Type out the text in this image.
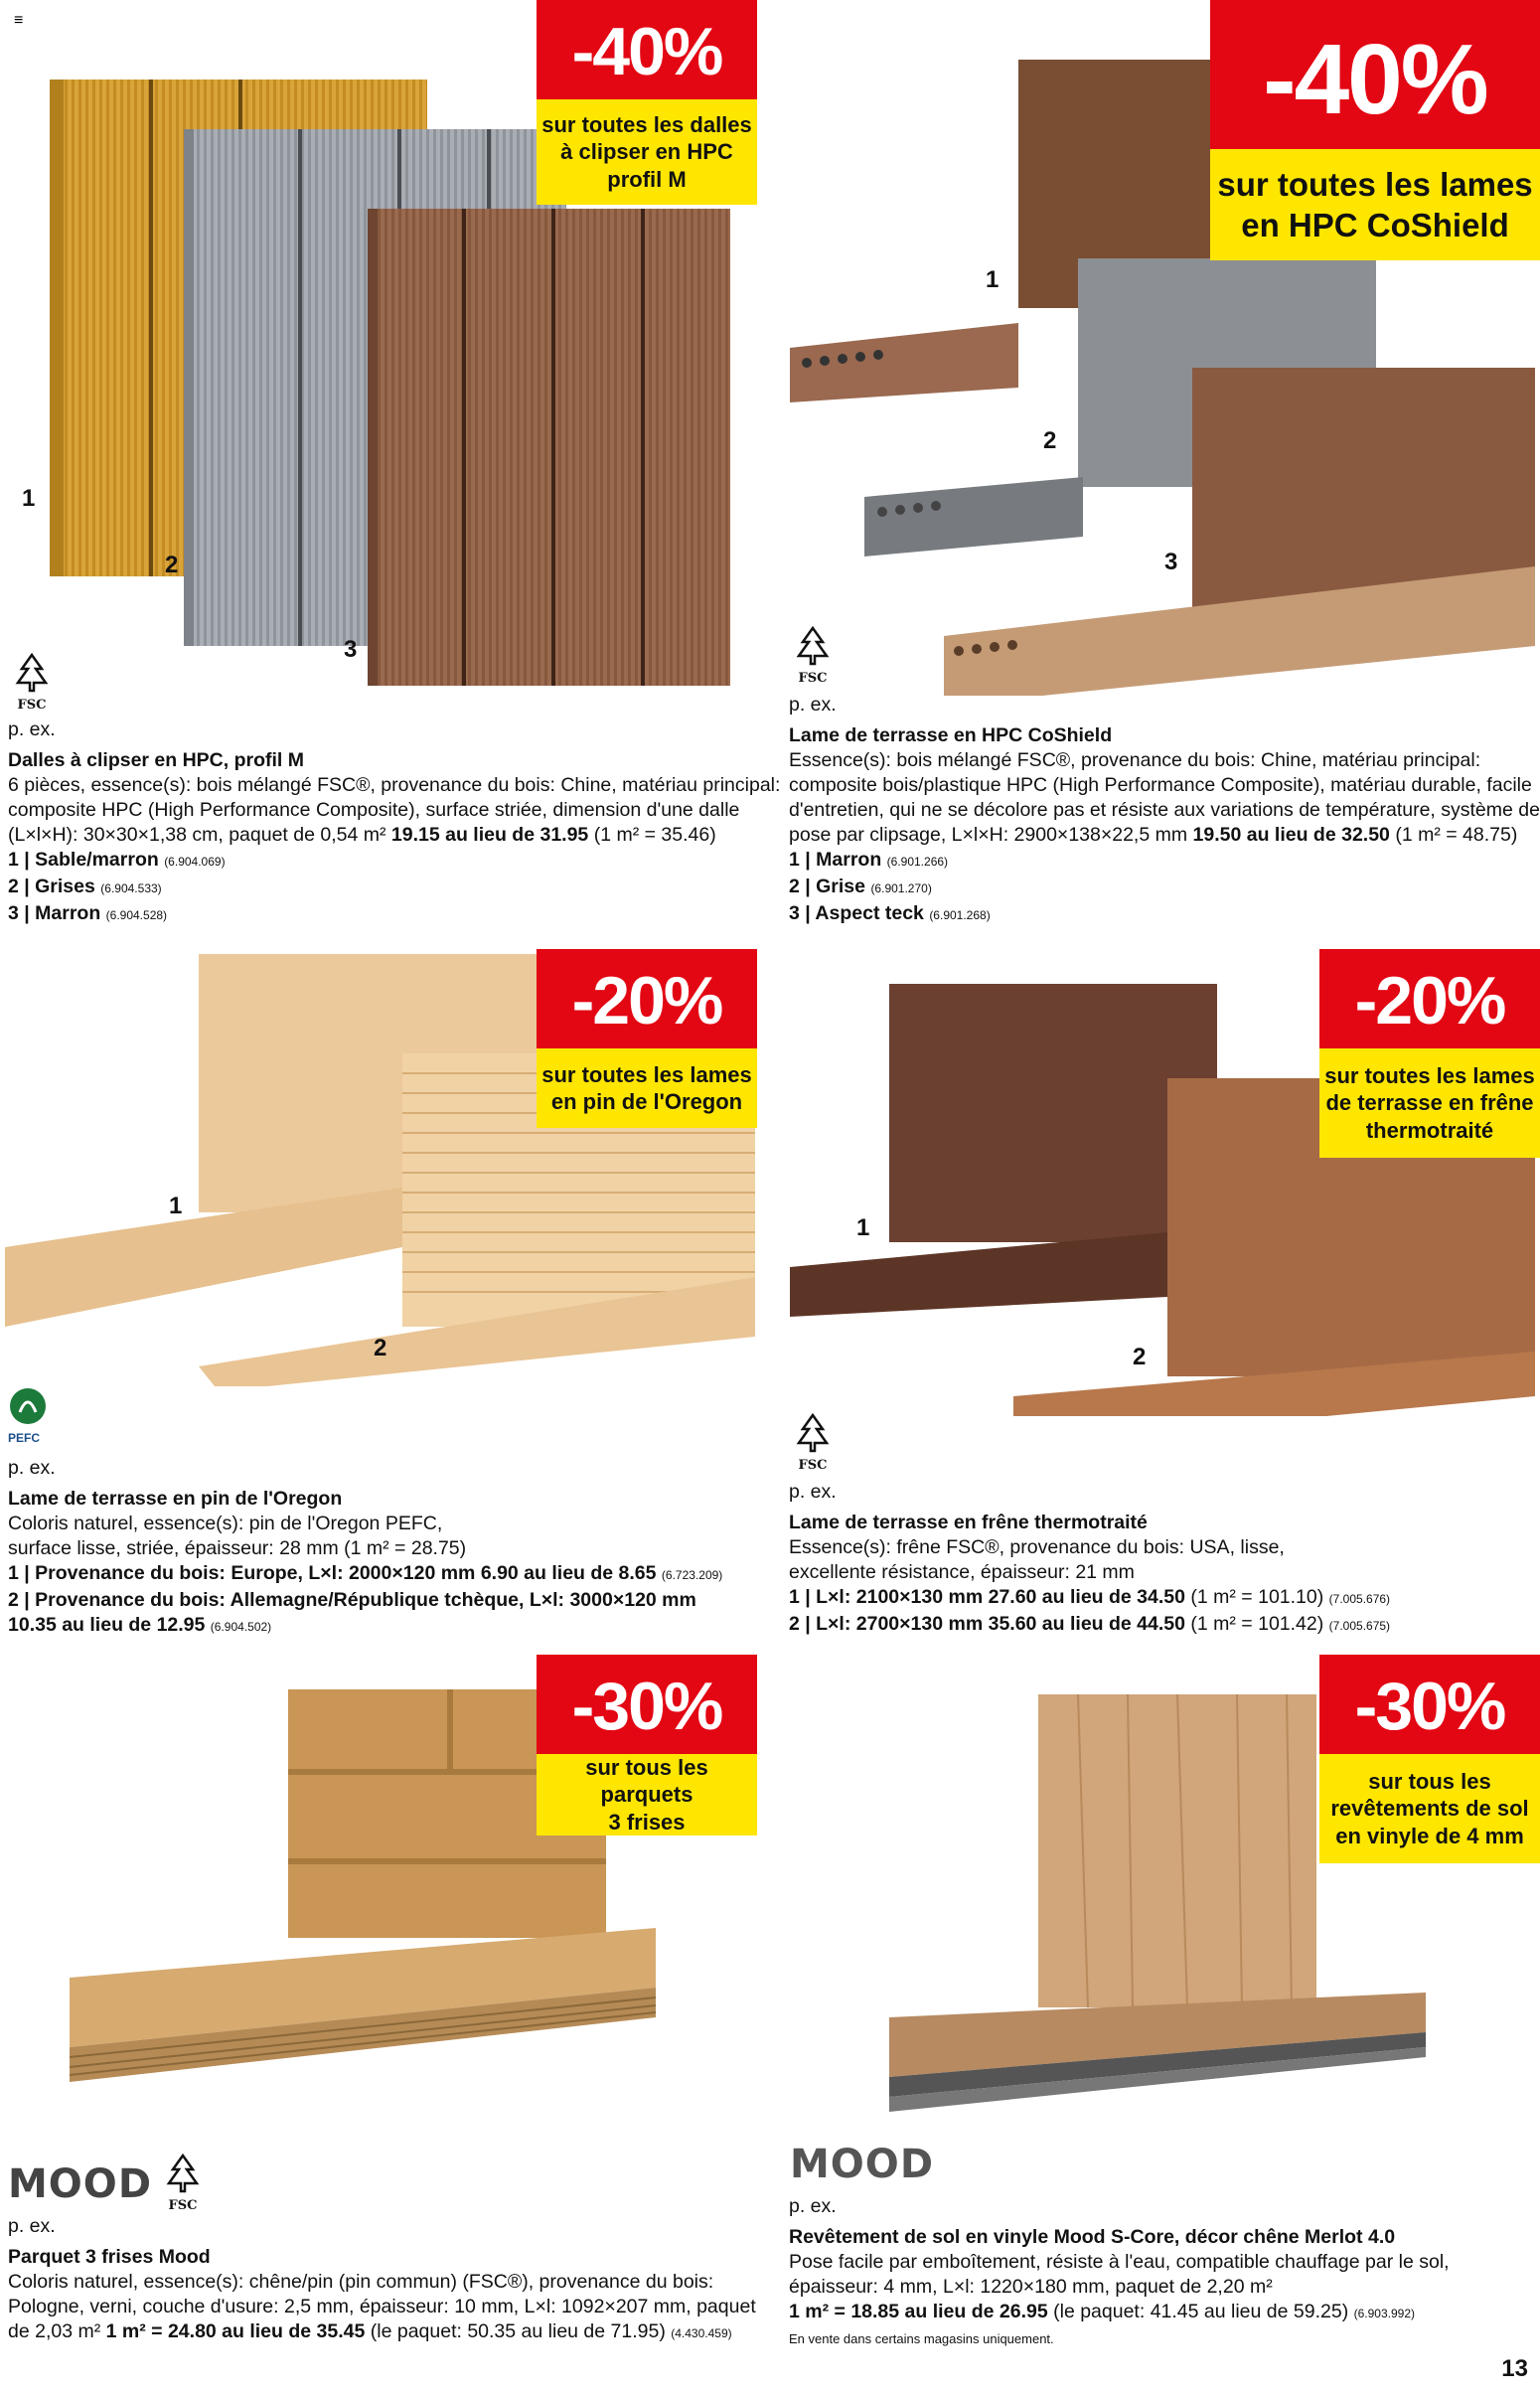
≡	-40%
sur toutes les dalles
à clipser en HPC
profil M
1
2
3
FSC
p. ex.
Dalles à clipser en HPC, profil M
6 pièces, essence(s): bois mélangé FSC®, provenance du bois: Chine, matériau principal:
composite HPC (High Performance Composite), surface striée, dimension d'une dalle
(L×l×H): 30×30×1,38 cm, paquet de 0,54 m² 19.15 au lieu de 31.95 (1 m² = 35.46)
1 | Sable/marron (6.904.069)
2 | Grises (6.904.533)
3 | Marron (6.904.528)
-40%
sur toutes les lames
en HPC CoShield
1
2
3
FSC
p. ex.
Lame de terrasse en HPC CoShield
Essence(s): bois mélangé FSC®, provenance du bois: Chine, matériau principal:
composite bois/plastique HPC (High Performance Composite), matériau durable, facile
d'entretien, qui ne se décolore pas et résiste aux variations de température, système de
pose par clipsage, L×l×H: 2900×138×22,5 mm 19.50 au lieu de 32.50 (1 m² = 48.75)
1 | Marron (6.901.266)
2 | Grise (6.901.270)
3 | Aspect teck (6.901.268)
-20%
sur toutes les lames
en pin de l'Oregon
1
2
PEFC
p. ex.
Lame de terrasse en pin de l'Oregon
Coloris naturel, essence(s): pin de l'Oregon PEFC,
surface lisse, striée, épaisseur: 28 mm (1 m² = 28.75)
1 | Provenance du bois: Europe, L×l: 2000×120 mm 6.90 au lieu de 8.65 (6.723.209)
2 | Provenance du bois: Allemagne/République tchèque, L×l: 3000×120 mm
10.35 au lieu de 12.95 (6.904.502)
-20%
sur toutes les lames
de terrasse en frêne
thermotraité
1
2
FSC
p. ex.
Lame de terrasse en frêne thermotraité
Essence(s): frêne FSC®, provenance du bois: USA, lisse,
excellente résistance, épaisseur: 21 mm
1 | L×l: 2100×130 mm 27.60 au lieu de 34.50 (1 m² = 101.10) (7.005.676)
2 | L×l: 2700×130 mm 35.60 au lieu de 44.50 (1 m² = 101.42) (7.005.675)
-30%
sur tous les parquets
3 frises
MOOD	FSC
p. ex.
Parquet 3 frises Mood
Coloris naturel, essence(s): chêne/pin (pin commun) (FSC®), provenance du bois:
Pologne, verni, couche d'usure: 2,5 mm, épaisseur: 10 mm, L×l: 1092×207 mm, paquet
de 2,03 m² 1 m² = 24.80 au lieu de 35.45 (le paquet: 50.35 au lieu de 71.95) (4.430.459)
-30%
sur tous les
revêtements de sol
en vinyle de 4 mm
MOOD
p. ex.
Revêtement de sol en vinyle Mood S-Core, décor chêne Merlot 4.0
Pose facile par emboîtement, résiste à l'eau, compatible chauffage par le sol,
épaisseur: 4 mm, L×l: 1220×180 mm, paquet de 2,20 m²
1 m² = 18.85 au lieu de 26.95 (le paquet: 41.45 au lieu de 59.25) (6.903.992)
En vente dans certains magasins uniquement.
13
